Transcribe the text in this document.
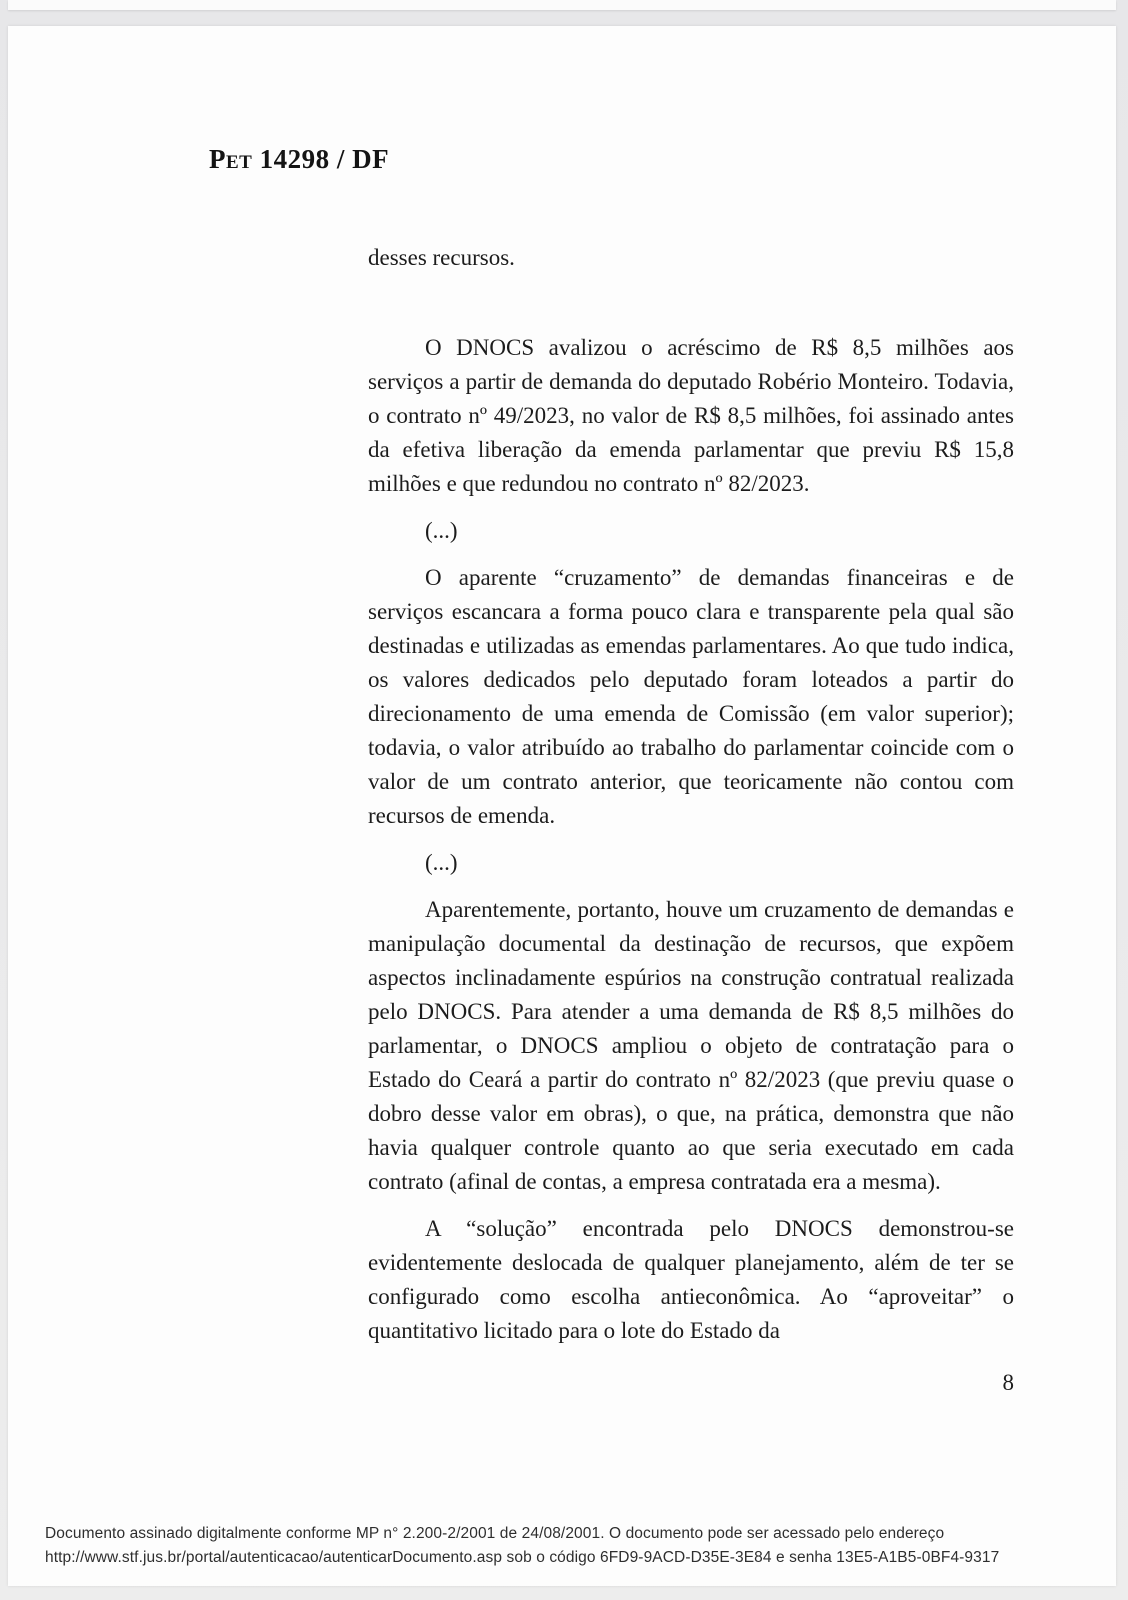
Pet 14298 / DF

desses recursos.

O DNOCS avalizou o acréscimo de R$ 8,5 milhões aos serviços a partir de demanda do deputado Robério Monteiro. Todavia, o contrato nº 49/2023, no valor de R$ 8,5 milhões, foi assinado antes da efetiva liberação da emenda parlamentar que previu R$ 15,8 milhões e que redundou no contrato nº 82/2023.

(...)

O aparente “cruzamento” de demandas financeiras e de serviços escancara a forma pouco clara e transparente pela qual são destinadas e utilizadas as emendas parlamentares. Ao que tudo indica, os valores dedicados pelo deputado foram loteados a partir do direcionamento de uma emenda de Comissão (em valor superior); todavia, o valor atribuído ao trabalho do parlamentar coincide com o valor de um contrato anterior, que teoricamente não contou com recursos de emenda.

(...)

Aparentemente, portanto, houve um cruzamento de demandas e manipulação documental da destinação de recursos, que expõem aspectos inclinadamente espúrios na construção contratual realizada pelo DNOCS. Para atender a uma demanda de R$ 8,5 milhões do parlamentar, o DNOCS ampliou o objeto de contratação para o Estado do Ceará a partir do contrato nº 82/2023 (que previu quase o dobro desse valor em obras), o que, na prática, demonstra que não havia qualquer controle quanto ao que seria executado em cada contrato (afinal de contas, a empresa contratada era a mesma).

A “solução” encontrada pelo DNOCS demonstrou-se evidentemente deslocada de qualquer planejamento, além de ter se configurado como escolha antieconômica. Ao “aproveitar” o quantitativo licitado para o lote do Estado da

8
Documento assinado digitalmente conforme MP n° 2.200-2/2001 de 24/08/2001. O documento pode ser acessado pelo endereço
http://www.stf.jus.br/portal/autenticacao/autenticarDocumento.asp sob o código 6FD9-9ACD-D35E-3E84 e senha 13E5-A1B5-0BF4-9317
